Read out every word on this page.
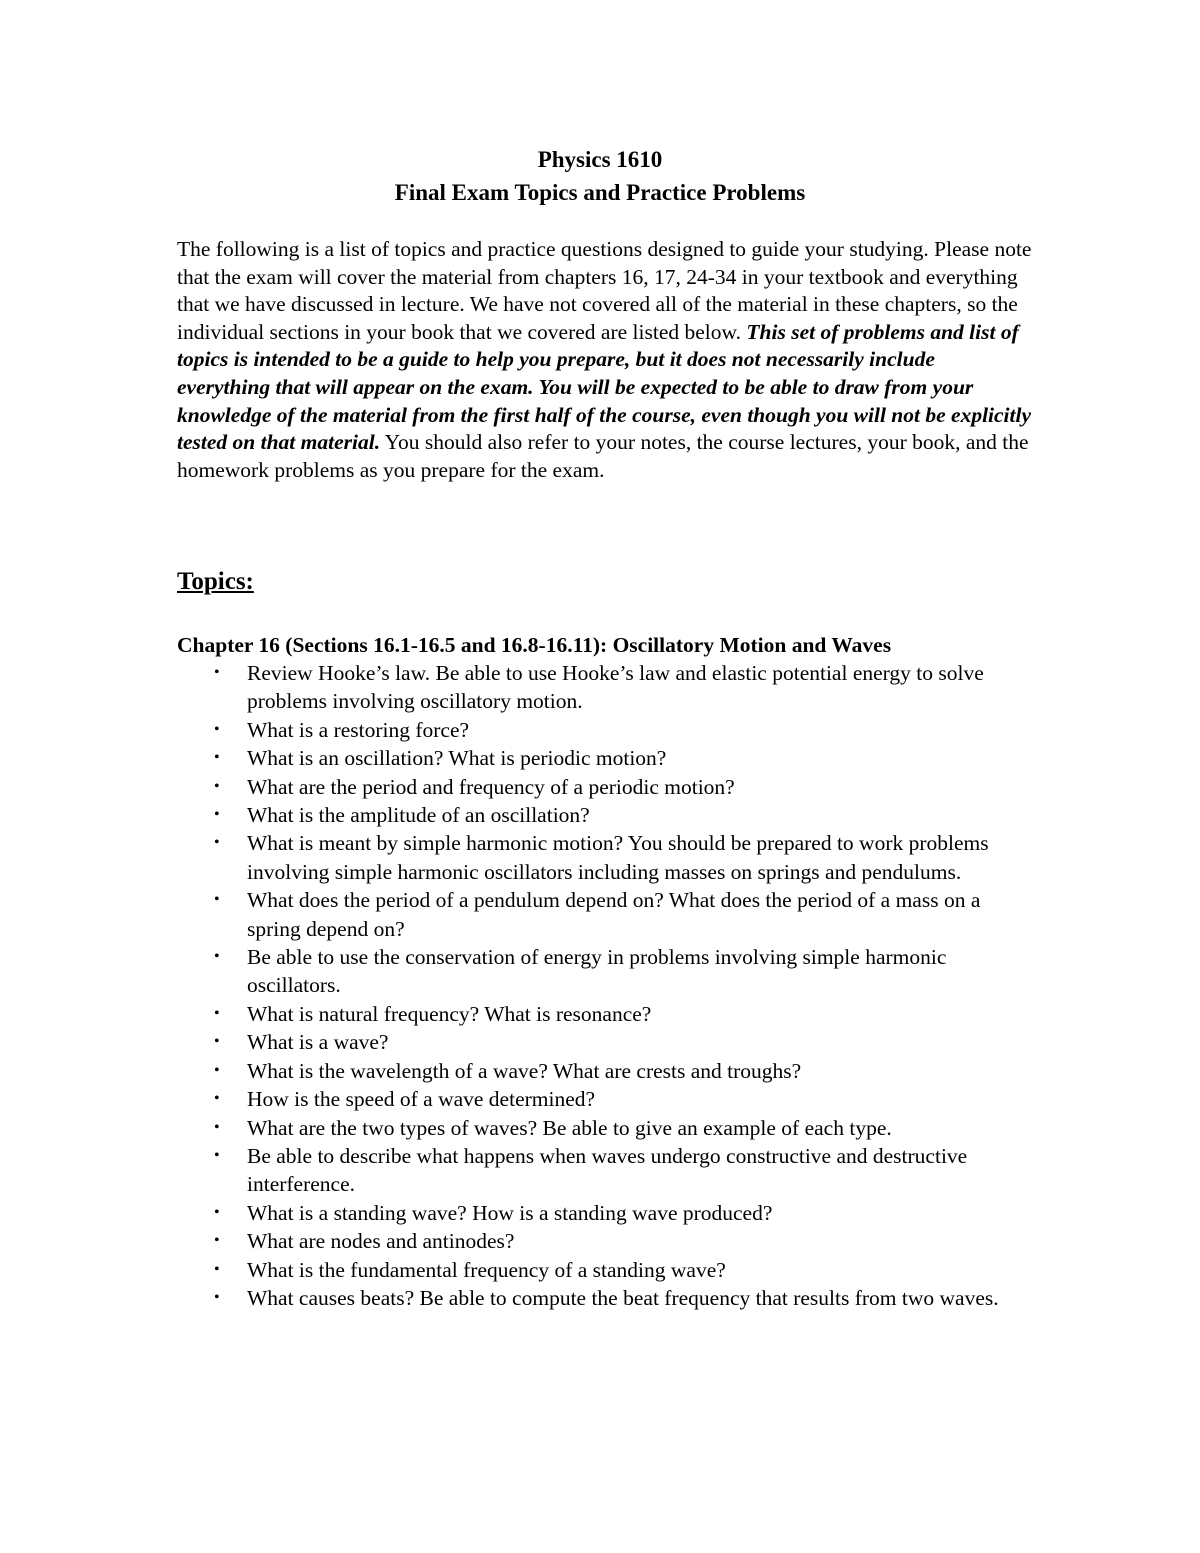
Physics 1610
Final Exam Topics and Practice Problems
The following is a list of topics and practice questions designed to guide your studying. Please note that the exam will cover the material from chapters 16, 17, 24-34 in your textbook and everything that we have discussed in lecture. We have not covered all of the material in these chapters, so the individual sections in your book that we covered are listed below. This set of problems and list of topics is intended to be a guide to help you prepare, but it does not necessarily include everything that will appear on the exam. You will be expected to be able to draw from your knowledge of the material from the first half of the course, even though you will not be explicitly tested on that material. You should also refer to your notes, the course lectures, your book, and the homework problems as you prepare for the exam.
Topics:
Chapter 16 (Sections 16.1-16.5 and 16.8-16.11): Oscillatory Motion and Waves
• Review Hooke’s law. Be able to use Hooke’s law and elastic potential energy to solve problems involving oscillatory motion.
• What is a restoring force?
• What is an oscillation? What is periodic motion?
• What are the period and frequency of a periodic motion?
• What is the amplitude of an oscillation?
• What is meant by simple harmonic motion? You should be prepared to work problems involving simple harmonic oscillators including masses on springs and pendulums.
• What does the period of a pendulum depend on? What does the period of a mass on a spring depend on?
• Be able to use the conservation of energy in problems involving simple harmonic oscillators.
• What is natural frequency? What is resonance?
• What is a wave?
• What is the wavelength of a wave? What are crests and troughs?
• How is the speed of a wave determined?
• What are the two types of waves? Be able to give an example of each type.
• Be able to describe what happens when waves undergo constructive and destructive interference.
• What is a standing wave? How is a standing wave produced?
• What are nodes and antinodes?
• What is the fundamental frequency of a standing wave?
• What causes beats? Be able to compute the beat frequency that results from two waves.
